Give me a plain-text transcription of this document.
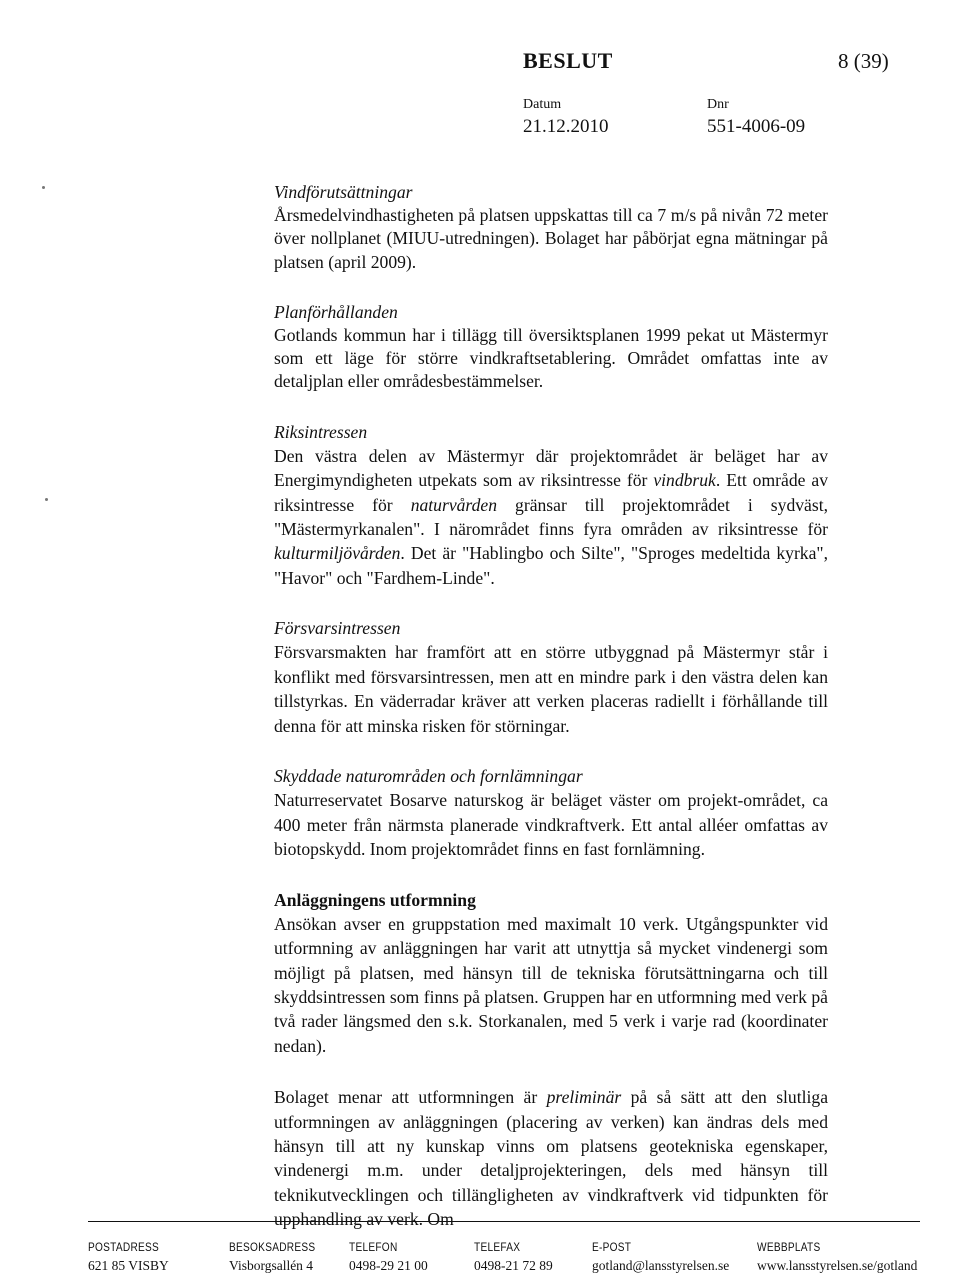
BESLUT	8 (39)
Datum
21.12.2010
Dnr
551-4006-09
Vindförutsättningar

Årsmedelvindhastigheten på platsen uppskattas till ca 7 m/s på nivån 72 meter över nollplanet (MIUU-utredningen). Bolaget har påbörjat egna mätningar på platsen (april 2009).

Planförhållanden

Gotlands kommun har i tillägg till översiktsplanen 1999 pekat ut Mästermyr som ett läge för större vindkraftsetablering. Området omfattas inte av detaljplan eller områdesbestämmelser.

Riksintressen

Den västra delen av Mästermyr där projektområdet är beläget har av Energimyndigheten utpekats som av riksintresse för vindbruk. Ett område av riksintresse för naturvården gränsar till projektområdet i sydväst, "Mästermyrkanalen". I närområdet finns fyra områden av riksintresse för kulturmiljövården. Det är "Hablingbo och Silte", "Sproges medeltida kyrka", "Havor" och "Fardhem-Linde".

Försvarsintressen

Försvarsmakten har framfört att en större utbyggnad på Mästermyr står i konflikt med försvarsintressen, men att en mindre park i den västra delen kan tillstyrkas. En väderradar kräver att verken placeras radiellt i förhållande till denna för att minska risken för störningar.

Skyddade naturområden och fornlämningar

Naturreservatet Bosarve naturskog är beläget väster om projekt-området, ca 400 meter från närmsta planerade vindkraftverk. Ett antal alléer omfattas av biotopskydd. Inom projektområdet finns en fast fornlämning.

Anläggningens utformning

Ansökan avser en gruppstation med maximalt 10 verk. Utgångspunkter vid utformning av anläggningen har varit att utnyttja så mycket vindenergi som möjligt på platsen, med hänsyn till de tekniska förutsättningarna och till skyddsintressen som finns på platsen. Gruppen har en utformning med verk på två rader längsmed den s.k. Storkanalen, med 5 verk i varje rad (koordinater nedan).

Bolaget menar att utformningen är preliminär på så sätt att den slutliga utformningen av anläggningen (placering av verken) kan ändras dels med hänsyn till att ny kunskap vinns om platsens geotekniska egenskaper, vindenergi m.m. under detaljprojekteringen, dels med hänsyn till teknikutvecklingen och tillängligheten av vindkraftverk vid tidpunkten för upphandling av verk. Om

POSTADRESS
621 85 VISBY
BESÖKSADRESS
Visborgsallén 4
TELEFON
0498-29 21 00
TELEFAX
0498-21 72 89
E-POST
gotland@lansstyrelsen.se
WEBBPLATS
www.lansstyrelsen.se/gotland
